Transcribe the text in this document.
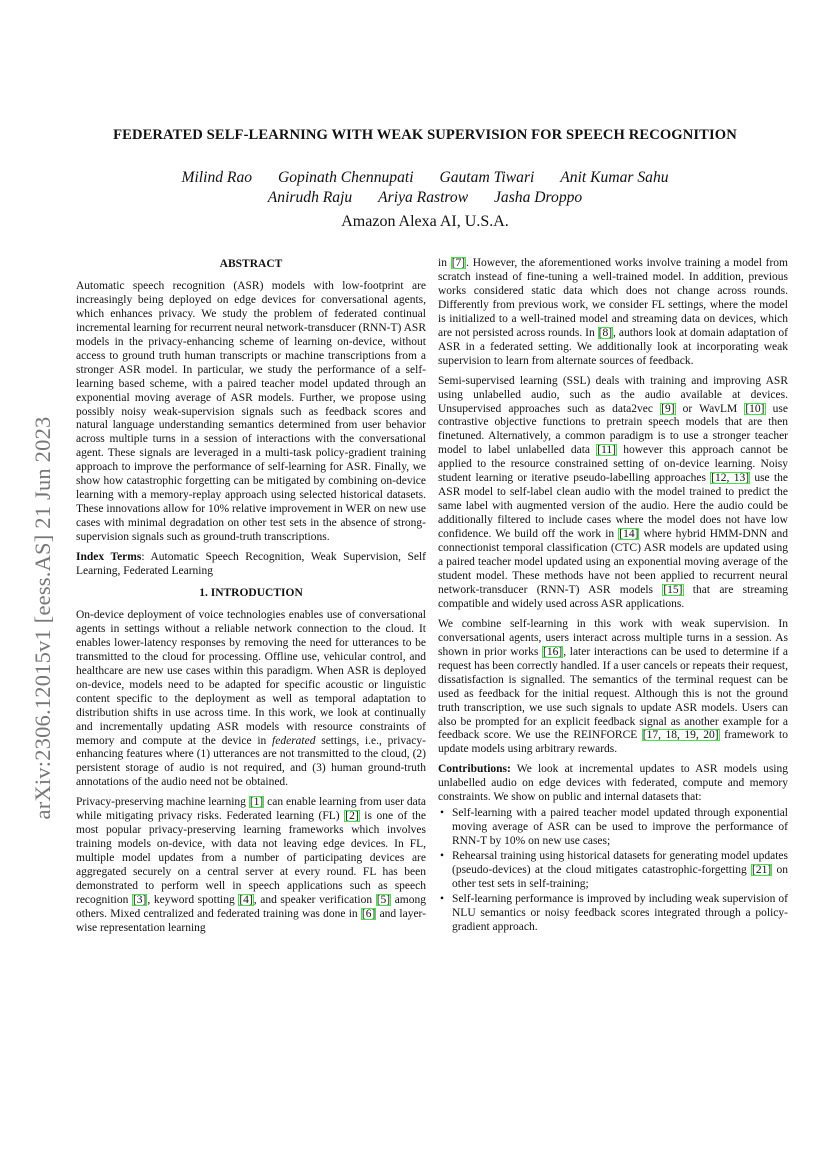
arXiv:2306.12015v1 [eess.AS] 21 Jun 2023
FEDERATED SELF-LEARNING WITH WEAK SUPERVISION FOR SPEECH RECOGNITION
Milind Rao Gopinath Chennupati Gautam Tiwari Anit Kumar Sahu
Anirudh Raju Ariya Rastrow Jasha Droppo
Amazon Alexa AI, U.S.A.
ABSTRACT

Automatic speech recognition (ASR) models with low-footprint are increasingly being deployed on edge devices for conversational agents, which enhances privacy. We study the problem of federated continual incremental learning for recurrent neural network-transducer (RNN-T) ASR models in the privacy-enhancing scheme of learning on-device, without access to ground truth human transcripts or machine transcriptions from a stronger ASR model. In particular, we study the performance of a self-learning based scheme, with a paired teacher model updated through an exponential moving average of ASR models. Further, we propose using possibly noisy weak-supervision signals such as feedback scores and natural language understanding semantics determined from user behavior across multiple turns in a session of interactions with the conversational agent. These signals are leveraged in a multi-task policy-gradient training approach to improve the performance of self-learning for ASR. Finally, we show how catastrophic forgetting can be mitigated by combining on-device learning with a memory-replay approach using selected historical datasets. These innovations allow for 10% relative improvement in WER on new use cases with minimal degradation on other test sets in the absence of strong-supervision signals such as ground-truth transcriptions.

Index Terms: Automatic Speech Recognition, Weak Supervision, Self Learning, Federated Learning

1. INTRODUCTION

On-device deployment of voice technologies enables use of conversational agents in settings without a reliable network connection to the cloud. It enables lower-latency responses by removing the need for utterances to be transmitted to the cloud for processing. Offline use, vehicular control, and healthcare are new use cases within this paradigm. When ASR is deployed on-device, models need to be adapted for specific acoustic or linguistic content specific to the deployment as well as temporal adaptation to distribution shifts in use across time. In this work, we look at continually and incrementally updating ASR models with resource constraints of memory and compute at the device in federated settings, i.e., privacy-enhancing features where (1) utterances are not transmitted to the cloud, (2) persistent storage of audio is not required, and (3) human ground-truth annotations of the audio need not be obtained.

Privacy-preserving machine learning [1] can enable learning from user data while mitigating privacy risks. Federated learning (FL) [2] is one of the most popular privacy-preserving learning frameworks which involves training models on-device, with data not leaving edge devices. In FL, multiple model updates from a number of participating devices are aggregated securely on a central server at every round. FL has been demonstrated to perform well in speech applications such as speech recognition [3], keyword spotting [4], and speaker verification [5] among others. Mixed centralized and federated training was done in [6] and layer-wise representation learning

in [7]. However, the aforementioned works involve training a model from scratch instead of fine-tuning a well-trained model. In addition, previous works considered static data which does not change across rounds. Differently from previous work, we consider FL settings, where the model is initialized to a well-trained model and streaming data on devices, which are not persisted across rounds. In [8], authors look at domain adaptation of ASR in a federated setting. We additionally look at incorporating weak supervision to learn from alternate sources of feedback.

Semi-supervised learning (SSL) deals with training and improving ASR using unlabelled audio, such as the audio available at devices. Unsupervised approaches such as data2vec [9] or WavLM [10] use contrastive objective functions to pretrain speech models that are then finetuned. Alternatively, a common paradigm is to use a stronger teacher model to label unlabelled data [11] however this approach cannot be applied to the resource constrained setting of on-device learning. Noisy student learning or iterative pseudo-labelling approaches [12, 13] use the ASR model to self-label clean audio with the model trained to predict the same label with augmented version of the audio. Here the audio could be additionally filtered to include cases where the model does not have low confidence. We build off the work in [14] where hybrid HMM-DNN and connectionist temporal classification (CTC) ASR models are updated using a paired teacher model updated using an exponential moving average of the student model. These methods have not been applied to recurrent neural network-transducer (RNN-T) ASR models [15] that are streaming compatible and widely used across ASR applications.

We combine self-learning in this work with weak supervision. In conversational agents, users interact across multiple turns in a session. As shown in prior works [16], later interactions can be used to determine if a request has been correctly handled. If a user cancels or repeats their request, dissatisfaction is signalled. The semantics of the terminal request can be used as feedback for the initial request. Although this is not the ground truth transcription, we use such signals to update ASR models. Users can also be prompted for an explicit feedback signal as another example for a feedback score. We use the REINFORCE [17, 18, 19, 20] framework to update models using arbitrary rewards.

Contributions: We look at incremental updates to ASR models using unlabelled audio on edge devices with federated, compute and memory constraints. We show on public and internal datasets that:

• Self-learning with a paired teacher model updated through exponential moving average of ASR can be used to improve the performance of RNN-T by 10% on new use cases;
• Rehearsal training using historical datasets for generating model updates (pseudo-devices) at the cloud mitigates catastrophic-forgetting [21] on other test sets in self-training;
• Self-learning performance is improved by including weak supervision of NLU semantics or noisy feedback scores integrated through a policy-gradient approach.
